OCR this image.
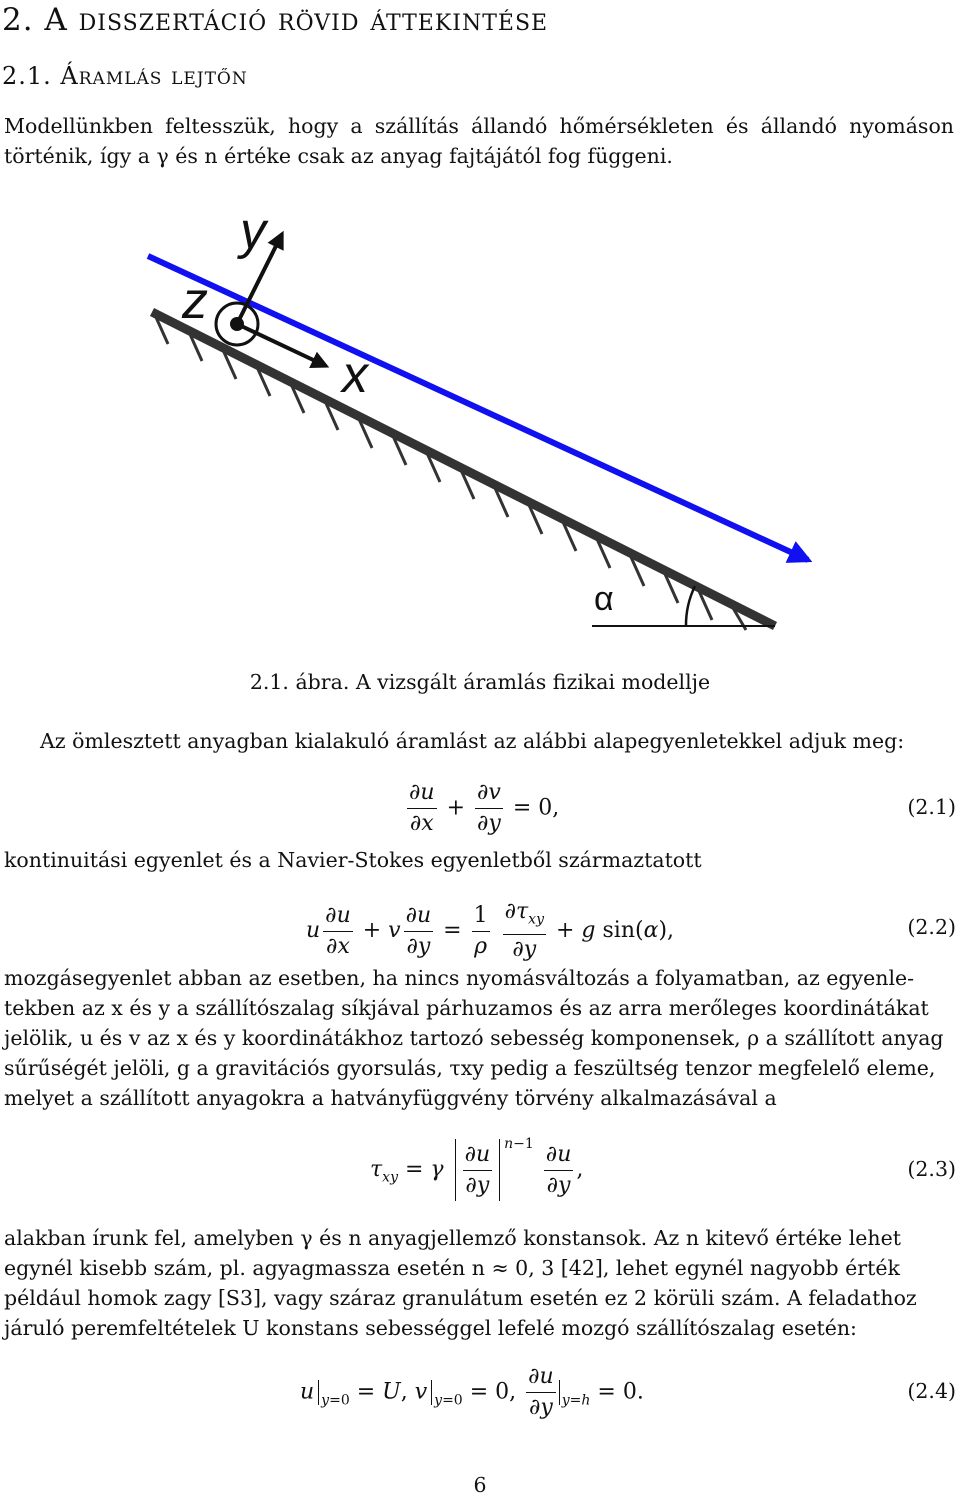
2. A disszertáció rövid áttekintése
2.1. Áramlás lejtőn
Modellünkben feltesszük, hogy a szállítás állandó hőmérsékleten és állandó nyomáson történik, így a γ és n értéke csak az anyag fajtájától fog függeni.
α
y
z
x
2.1. ábra. A vizsgált áramlás fizikai modellje
Az ömlesztett anyagban kialakuló áramlást az alábbi alapegyenletekkel adjuk meg:
$\frac{\partial u}{\partial x} + \frac{\partial v}{\partial y} = 0$,	(2.1)
kontinuitási egyenlet és a Navier-Stokes egyenletből származtatott
u $\frac{\partial u}{\partial x} + v \frac{\partial u}{\partial y} = \frac{1}{\rho}$
$\frac{\partial\tau_{xy}}{\partial y} + g$ sin(α),	(2.2)
mozgásegyenlet abban az esetben, ha nincs nyomásváltozás a folyamatban, az egyenle-
tekben az x és y a szállítószalag síkjával párhuzamos és az arra merőleges koordinátákat
jelölik, u és v az x és y koordinátákhoz tartozó sebesség komponensek, ρ a szállított anyag
sűrűségét jelöli, g a gravitációs gyorsulás, τxy pedig a feszültség tenzor megfelelő eleme,
melyet a szállított anyagokra a hatványfüggvény törvény alkalmazásával a
$\tau_{xy} = \gamma \frac{\partial u}{\partial y} ^{n-1} \frac{\partial u}{\partial y}$ ,	(2.3)
alakban írunk fel, amelyben γ és n anyagjellemző konstansok. Az n kitevő értéke lehet
egynél kisebb szám, pl. agyagmassza esetén n ≈ 0, 3 [42], lehet egynél nagyobb érték
például homok zagy [S3], vagy száraz granulátum esetén ez 2 körüli szám. A feladathoz
járuló peremfeltételek U konstans sebességgel lefelé mozgó szállítószalag esetén:
u $_{y=0}$ = U, v $_{y=0}$ = 0, $\frac{\partial u}{\partial y} _{y=h} = 0$.	(2.4)
6
